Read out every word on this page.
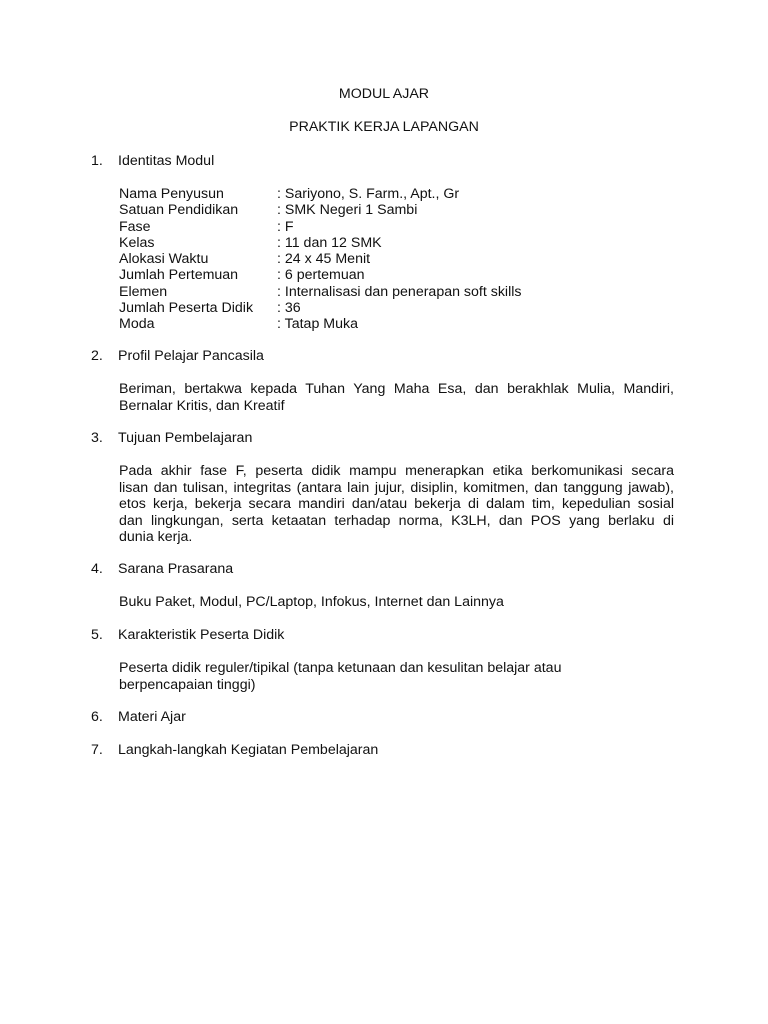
MODUL AJAR
PRAKTIK KERJA LAPANGAN
1. Identitas Modul
Nama Penyusun	: Sariyono, S. Farm., Apt., Gr
Satuan Pendidikan	: SMK Negeri 1 Sambi
Fase	: F
Kelas	: 11 dan 12 SMK
Alokasi Waktu	: 24 x 45 Menit
Jumlah Pertemuan	: 6 pertemuan
Elemen	: Internalisasi dan penerapan soft skills
Jumlah Peserta Didik	: 36
Moda	: Tatap Muka
2. Profil Pelajar Pancasila
Beriman, bertakwa kepada Tuhan Yang Maha Esa, dan berakhlak Mulia, Mandiri,
Bernalar Kritis, dan Kreatif
3. Tujuan Pembelajaran
Pada akhir fase F, peserta didik mampu menerapkan etika berkomunikasi secara
lisan dan tulisan, integritas (antara lain jujur, disiplin, komitmen, dan tanggung jawab),
etos kerja, bekerja secara mandiri dan/atau bekerja di dalam tim, kepedulian sosial
dan lingkungan, serta ketaatan terhadap norma, K3LH, dan POS yang berlaku di
dunia kerja.
4. Sarana Prasarana
Buku Paket, Modul, PC/Laptop, Infokus, Internet dan Lainnya
5. Karakteristik Peserta Didik
Peserta didik reguler/tipikal (tanpa ketunaan dan kesulitan belajar atau
berpencapaian tinggi)
6. Materi Ajar
7. Langkah-langkah Kegiatan Pembelajaran
